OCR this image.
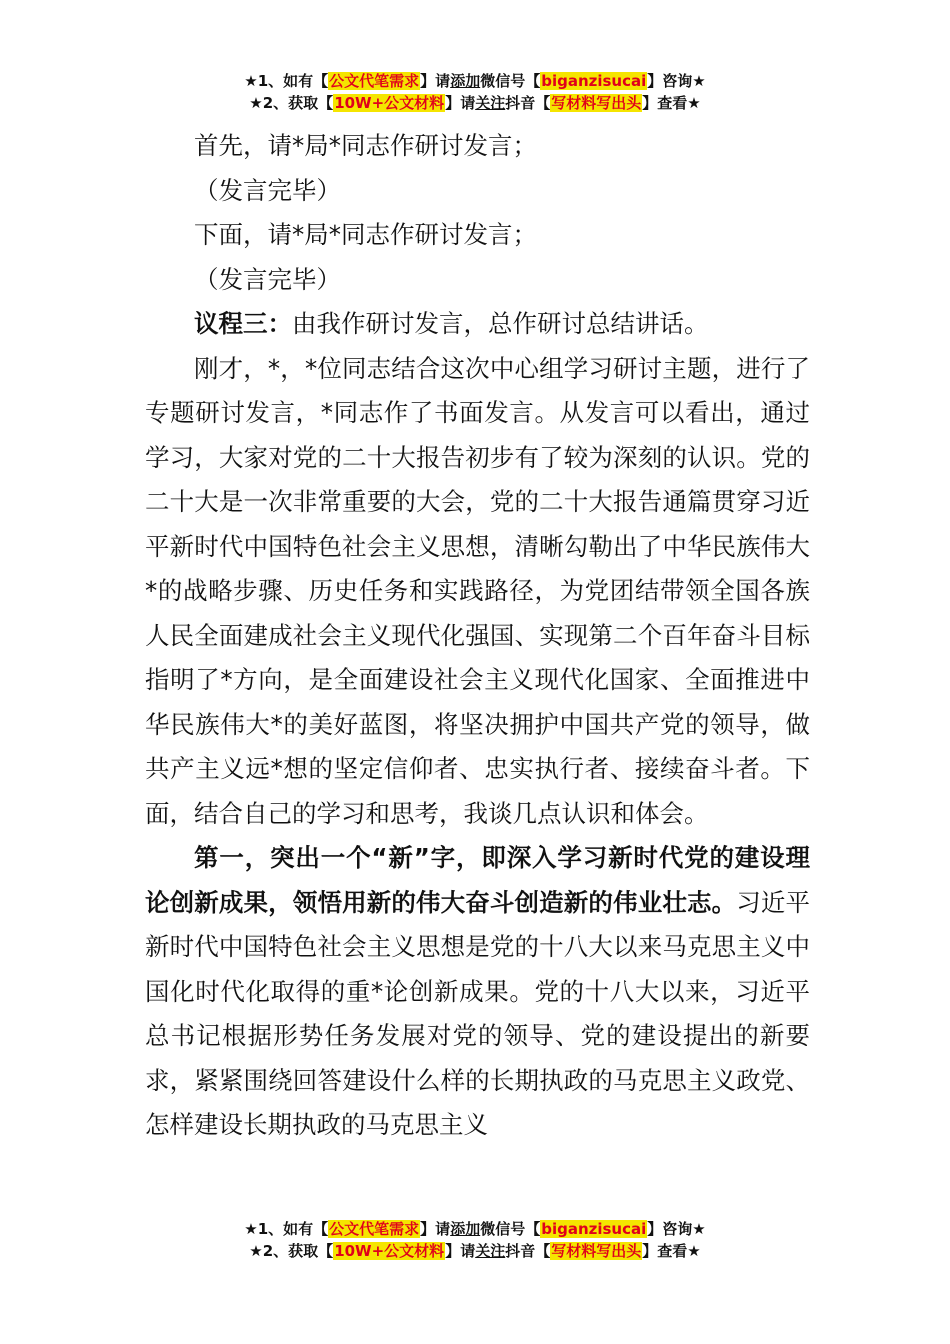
★1、如有【公文代笔需求】请添加微信号【biganzisucai】咨询★
★2、获取【10W+公文材料】请关注抖音【写材料写出头】查看★

首先，请*局*同志作研讨发言；

（发言完毕）

下面，请*局*同志作研讨发言；

（发言完毕）

议程三：由我作研讨发言，总作研讨总结讲话。

刚才，*，*位同志结合这次中心组学习研讨主题，进行了专题研讨发言，*同志作了书面发言。从发言可以看出，通过学习，大家对党的二十大报告初步有了较为深刻的认识。党的二十大是一次非常重要的大会，党的二十大报告通篇贯穿习近平新时代中国特色社会主义思想，清晰勾勒出了中华民族伟大*的战略步骤、历史任务和实践路径，为党团结带领全国各族人民全面建成社会主义现代化强国、实现第二个百年奋斗目标指明了*方向，是全面建设社会主义现代化国家、全面推进中华民族伟大*的美好蓝图，将坚决拥护中国共产党的领导，做共产主义远*想的坚定信仰者、忠实执行者、接续奋斗者。下面，结合自己的学习和思考，我谈几点认识和体会。

第一，突出一个“新”字，即深入学习新时代党的建设理论创新成果，领悟用新的伟大奋斗创造新的伟业壮志。习近平新时代中国特色社会主义思想是党的十八大以来马克思主义中国化时代化取得的重*论创新成果。党的十八大以来，习近平总书记根据形势任务发展对党的领导、党的建设提出的新要求，紧紧围绕回答建设什么样的长期执政的马克思主义政党、怎样建设长期执政的马克思主义

★1、如有【公文代笔需求】请添加微信号【biganzisucai】咨询★
★2、获取【10W+公文材料】请关注抖音【写材料写出头】查看★
